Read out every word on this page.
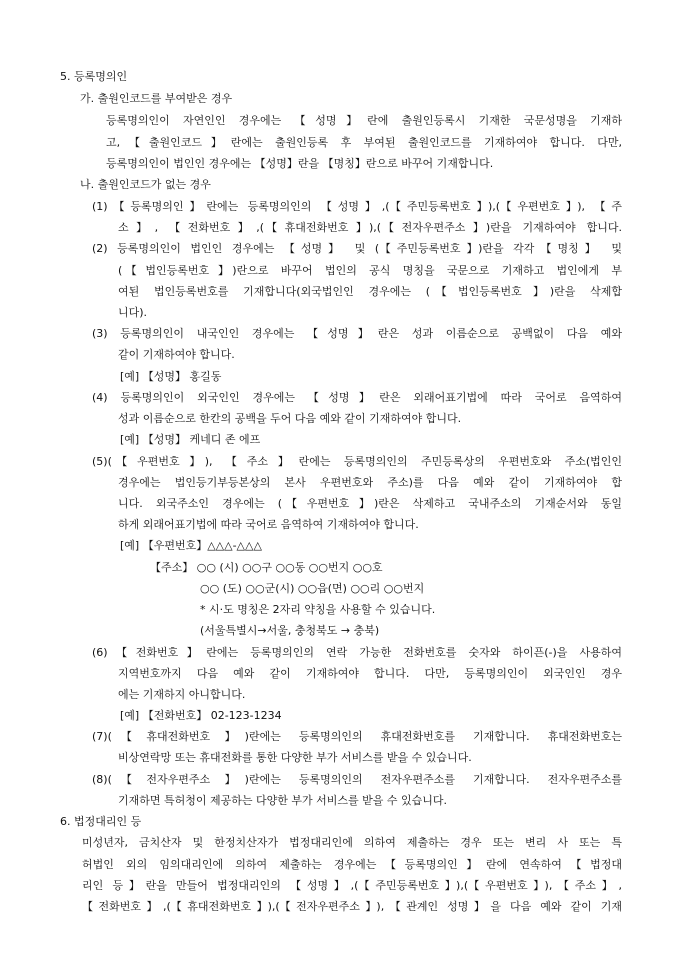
5. 등록명의인
가. 출원인코드를 부여받은 경우
등록명의인이 자연인인 경우에는 【성명】란에 출원인등록시 기재한 국문성명을 기재하
고,【출원인코드】란에는 출원인등록 후 부여된 출원인코드를 기재하여야 합니다. 다만,
등록명의인이 법인인 경우에는 【성명】란을 【명칭】란으로 바꾸어 기재합니다.
나. 출원인코드가 없는 경우
(1)【등록명의인】란에는 등록명의인의 【성명】,(【주민등록번호】),(【우편번호】), 【주
소】, 【전화번호】,(【휴대전화번호】),(【전자우편주소】)란을 기재하여야 합니다.
(2) 등록명의인이 법인인 경우에는 【성명】 및 (【주민등록번호】)란을 각각【명칭】 및
(【법인등록번호】)란으로 바꾸어 법인의 공식 명칭을 국문으로 기재하고 법인에게 부
여된 법인등록번호를 기재합니다(외국법인인 경우에는 (【법인등록번호】)란을 삭제합
니다).
(3) 등록명의인이 내국인인 경우에는 【성명】란은 성과 이름순으로 공백없이 다음 예와
같이 기재하여야 합니다.
[예] 【성명】 홍길동
(4) 등록명의인이 외국인인 경우에는 【성명】란은 외래어표기법에 따라 국어로 음역하여
성과 이름순으로 한칸의 공백을 두어 다음 예와 같이 기재하여야 합니다.
[예] 【성명】 케네디 존 에프
(5)(【우편번호】), 【주소】란에는 등록명의인의 주민등록상의 우편번호와 주소(법인인
경우에는 법인등기부등본상의 본사 우편번호와 주소)를 다음 예와 같이 기재하여야 합
니다. 외국주소인 경우에는 (【우편번호】)란은 삭제하고 국내주소의 기재순서와 동일
하게 외래어표기법에 따라 국어로 음역하여 기재하여야 합니다.
[예] 【우편번호】△△△-△△△
【주소】 ○○ (시) ○○구 ○○동 ○○번지 ○○호
○○ (도) ○○군(시) ○○읍(면) ○○리 ○○번지
* 시·도 명칭은 2자리 약칭을 사용할 수 있습니다.
(서울특별시→서울, 충청북도 → 충북)
(6)【전화번호】란에는 등록명의인의 연락 가능한 전화번호를 숫자와 하이픈(-)을 사용하여
지역번호까지 다음 예와 같이 기재하여야 합니다. 다만, 등록명의인이 외국인인 경우
에는 기재하지 아니합니다.
[예] 【전화번호】 02-123-1234
(7)(【휴대전화번호】)란에는 등록명의인의 휴대전화번호를 기재합니다. 휴대전화번호는
비상연락망 또는 휴대전화를 통한 다양한 부가 서비스를 받을 수 있습니다.
(8)(【전자우편주소】)란에는 등록명의인의 전자우편주소를 기재합니다. 전자우편주소를
기재하면 특허청이 제공하는 다양한 부가 서비스를 받을 수 있습니다.
6. 법정대리인 등
미성년자, 금치산자 및 한정치산자가 법정대리인에 의하여 제출하는 경우 또는 변리 사 또는 특
허법인 외의 임의대리인에 의하여 제출하는 경우에는【등록명의인】란에 연속하여【법정대
리인 등】란을 만들어 법정대리인의 【성명】,(【주민등록번호】),(【우편번호】),【주소】,
【전화번호】,(【휴대전화번호】),(【전자우편주소】),【관계인 성명】을 다음 예와 같이 기재
